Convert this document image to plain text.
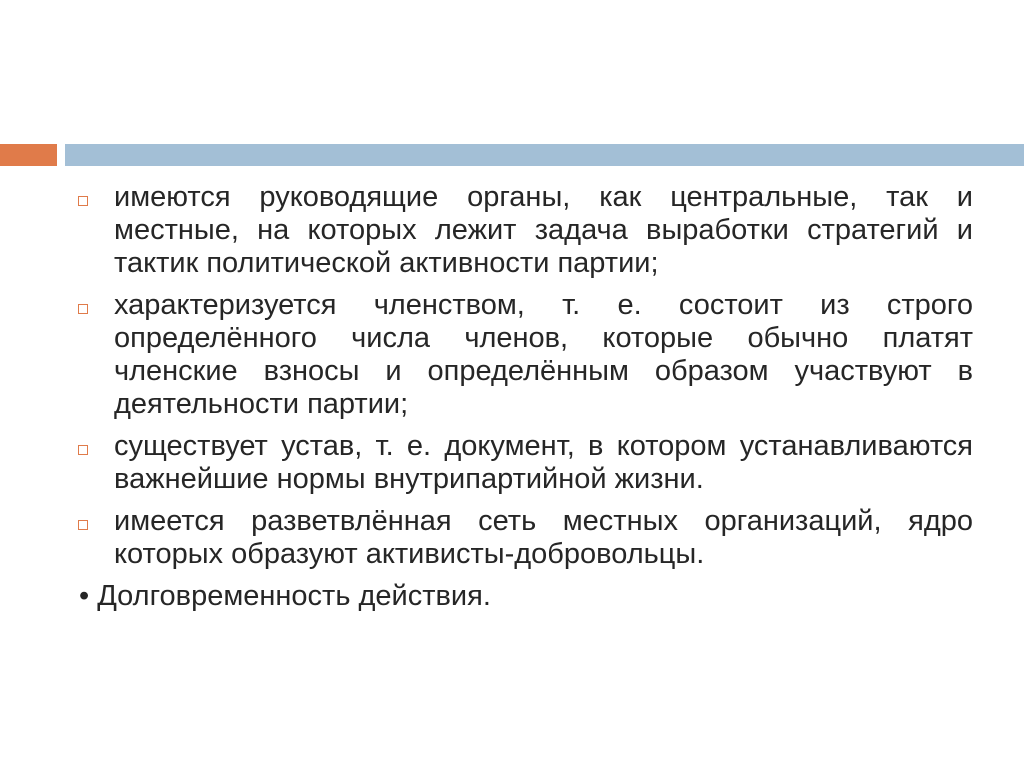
имеются руководящие органы, как центральные, так и местные, на которых лежит задача выработки стратегий и тактик политической активности партии;
характеризуется членством, т. е. состоит из строго определённого числа членов, которые обычно платят членские взносы и определённым образом участвуют в деятельности партии;
существует устав, т. е. документ, в котором устанавливаются важнейшие нормы внутрипартийной жизни.
имеется разветвлённая сеть местных организаций, ядро которых образуют активисты-добровольцы.
• Долговременность действия.
